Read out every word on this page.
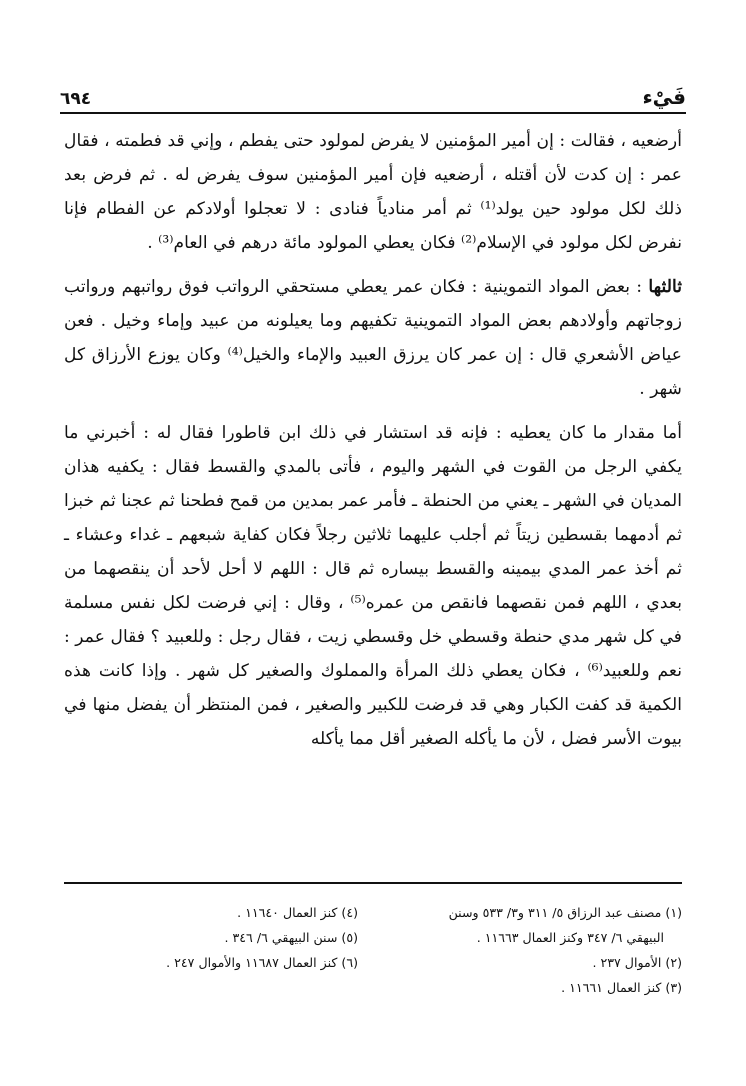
فَيْء
٦٩٤

أرضعيه ، فقالت : إن أمير المؤمنين لا يفرض لمولود حتى يفطم ، وإني قد فطمته ، فقال عمر : إن كدت لأن أقتله ، أرضعيه فإن أمير المؤمنين سوف يفرض له . ثم فرض بعد ذلك لكل مولود حين يولد⁽¹⁾ ثم أمر منادياً فنادى : لا تعجلوا أولادكم عن الفطام فإنا نفرض لكل مولود في الإسلام⁽²⁾ فكان يعطي المولود مائة درهم في العام⁽³⁾ .

ثالثها : بعض المواد التموينية : فكان عمر يعطي مستحقي الرواتب فوق رواتبهم ورواتب زوجاتهم وأولادهم بعض المواد التموينية تكفيهم وما يعيلونه من عبيد وإماء وخيل . فعن عياض الأشعري قال : إن عمر كان يرزق العبيد والإماء والخيل⁽⁴⁾ وكان يوزع الأرزاق كل شهر .

أما مقدار ما كان يعطيه : فإنه قد استشار في ذلك ابن قاطورا فقال له : أخبرني ما يكفي الرجل من القوت في الشهر واليوم ، فأتى بالمدي والقسط فقال : يكفيه هذان المديان في الشهر ـ يعني من الحنطة ـ فأمر عمر بمدين من قمح فطحنا ثم عجنا ثم خبزا ثم أدمهما بقسطين زيتاً ثم أجلب عليهما ثلاثين رجلاً فكان كفاية شبعهم ـ غداء وعشاء ـ ثم أخذ عمر المدي بيمينه والقسط بيساره ثم قال : اللهم لا أحل لأحد أن ينقصهما من بعدي ، اللهم فمن نقصهما فانقص من عمره⁽⁵⁾ ، وقال : إني فرضت لكل نفس مسلمة في كل شهر مدي حنطة وقسطي خل وقسطي زيت ، فقال رجل : وللعبيد ؟ فقال عمر : نعم وللعبيد⁽⁶⁾ ، فكان يعطي ذلك المرأة والمملوك والصغير كل شهر . وإذا كانت هذه الكمية قد كفت الكبار وهي قد فرضت للكبير والصغير ، فمن المنتظر أن يفضل منها في بيوت الأسر فضل ، لأن ما يأكله الصغير أقل مما يأكله

(١) مصنف عبد الرزاق ٥/ ٣١١ و٣/ ٥٣٣ وسنن
البيهقي ٦/ ٣٤٧ وكنز العمال ١١٦٦٣ .
(٢) الأموال ٢٣٧ .
(٣) كنز العمال ١١٦٦١ .
(٤) كنز العمال ١١٦٤٠ .
(٥) سنن البيهقي ٦/ ٣٤٦ .
(٦) كنز العمال ١١٦٨٧ والأموال ٢٤٧ .
